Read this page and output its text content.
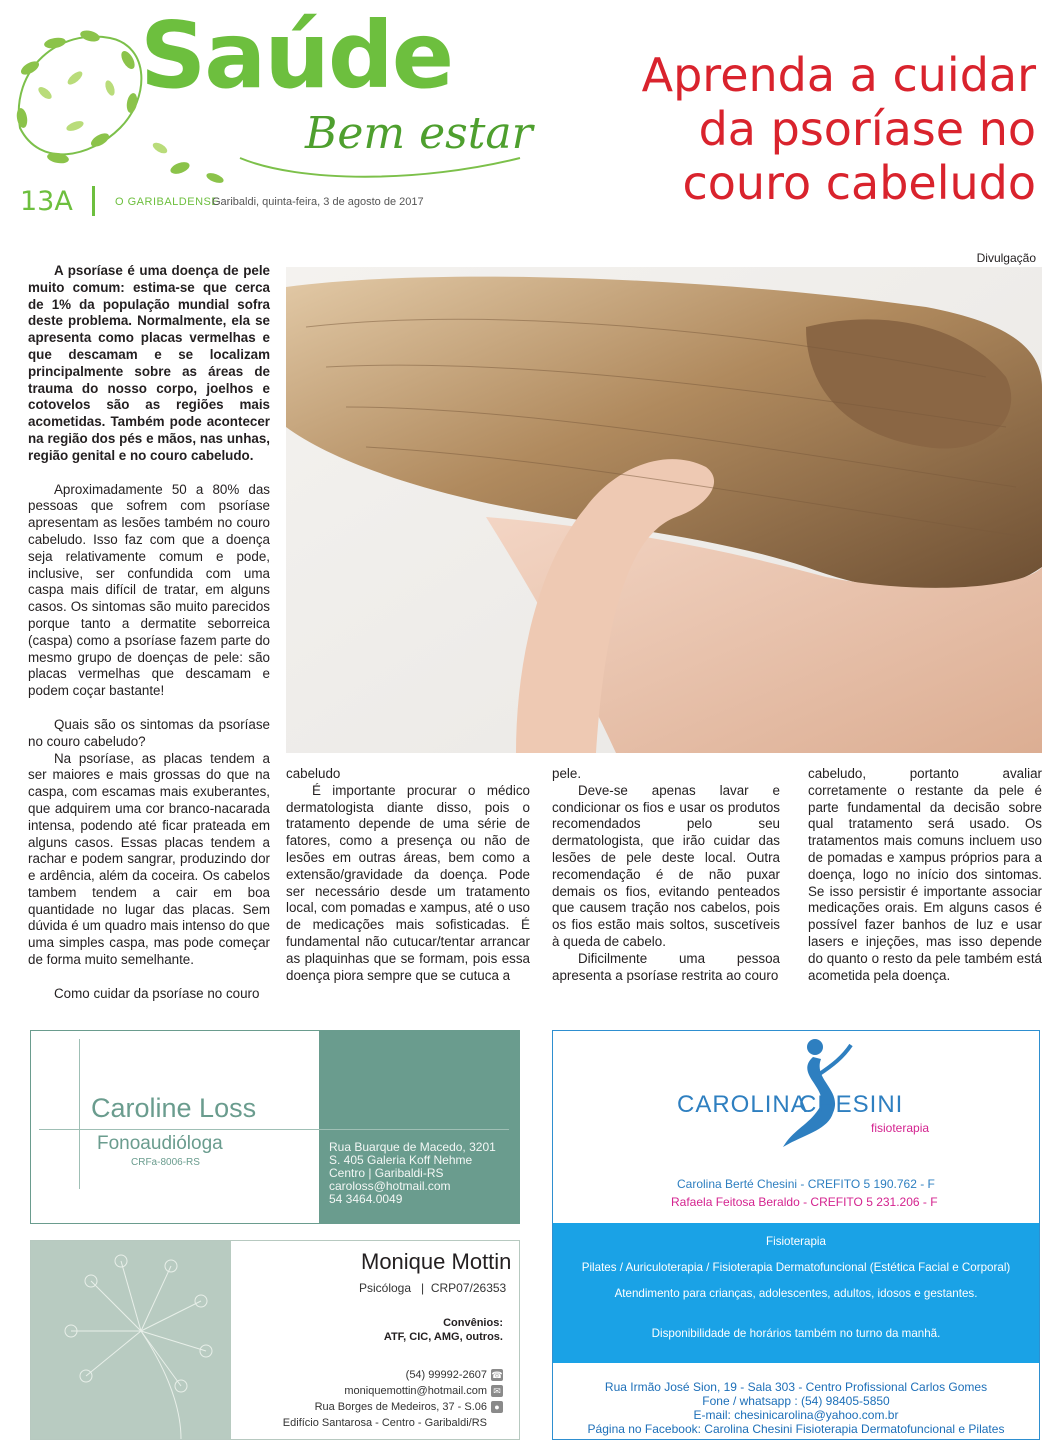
Saúde
Bem estar
13A	O GARIBALDENSE
Garibaldi, quinta-feira, 3 de agosto de 2017
Aprenda a cuidar
da psoríase no
couro cabeludo
Divulgação

A psoríase é uma doença de pele muito comum: estima-se que cerca de 1% da população mundial sofra deste problema. Normalmente, ela se apresenta como placas vermelhas e que descamam e se localizam principalmente sobre as áreas de trauma do nosso corpo, joelhos e cotovelos são as regiões mais acometidas. Também pode acontecer na região dos pés e mãos, nas unhas, região genital e no couro cabeludo.

Aproximadamente 50 a 80% das pessoas que sofrem com psoríase apresentam as lesões também no couro cabeludo. Isso faz com que a doença seja relativamente comum e pode, inclusive, ser confundida com uma caspa mais difícil de tratar, em alguns casos. Os sintomas são muito parecidos porque tanto a dermatite seborreica (caspa) como a psoríase fazem parte do mesmo grupo de doenças de pele: são placas vermelhas que descamam e podem coçar bastante!

Quais são os sintomas da psoríase no couro cabeludo?

Na psoríase, as placas tendem a ser maiores e mais grossas do que na caspa, com escamas mais exuberantes, que adquirem uma cor branco-nacarada intensa, podendo até ficar prateada em alguns casos. Essas placas tendem a rachar e podem sangrar, produzindo dor e ardência, além da coceira. Os cabelos tambem tendem a cair em boa quantidade no lugar das placas. Sem dúvida é um quadro mais intenso do que uma simples caspa, mas pode começar de forma muito semelhante.

Como cuidar da psoríase no couro

cabeludo

É importante procurar o médico dermatologista diante disso, pois o tratamento depende de uma série de fatores, como a presença ou não de lesões em outras áreas, bem como a extensão/gravidade da doença. Pode ser necessário desde um tratamento local, com pomadas e xampus, até o uso de medicações mais sofisticadas. É fundamental não cutucar/tentar arrancar as plaquinhas que se formam, pois essa doença piora sempre que se cutuca a

pele.

Deve-se apenas lavar e condicionar os fios e usar os produtos recomendados pelo seu dermatologista, que irão cuidar das lesões de pele deste local. Outra recomendação é de não puxar demais os fios, evitando penteados que causem tração nos cabelos, pois os fios estão mais soltos, suscetíveis à queda de cabelo.

Dificilmente uma pessoa apresenta a psoríase restrita ao couro

cabeludo, portanto avaliar corretamente o restante da pele é parte fundamental da decisão sobre qual tratamento será usado. Os tratamentos mais comuns incluem uso de pomadas e xampus próprios para a doença, logo no início dos sintomas. Se isso persistir é importante associar medicações orais. Em alguns casos é possível fazer banhos de luz e usar lasers e injeções, mas isso depende do quanto o resto da pele também está acometida pela doença.

Caroline Loss
Fonoaudióloga
CRFa-8006-RS
Rua Buarque de Macedo, 3201
S. 405 Galeria Koff Nehme
Centro | Garibaldi-RS
caroloss@hotmail.com
54 3464.0049
Monique Mottin
Psicóloga   |  CRP07/26353
Convênios:
ATF, CIC, AMG, outros.
(54) 99992-2607 ☎
moniquemottin@hotmail.com ✉
Rua Borges de Medeiros, 37 - S.06 ●
Edifício Santarosa - Centro - Garibaldi/RS
CAROLINA
CHESINI
fisioterapia
Carolina Berté Chesini - CREFITO 5 190.762 - F
Rafaela Feitosa Beraldo - CREFITO 5 231.206 - F
Fisioterapia
Pilates / Auriculoterapia / Fisioterapia Dermatofuncional (Estética Facial e Corporal)
Atendimento para crianças, adolescentes, adultos, idosos e gestantes.
Disponibilidade de horários também no turno da manhã.
Rua Irmão José Sion, 19 - Sala 303 - Centro Profissional Carlos Gomes
Fone / whatsapp : (54) 98405-5850
E-mail: chesinicarolina@yahoo.com.br
Página no Facebook: Carolina Chesini Fisioterapia Dermatofuncional e Pilates
